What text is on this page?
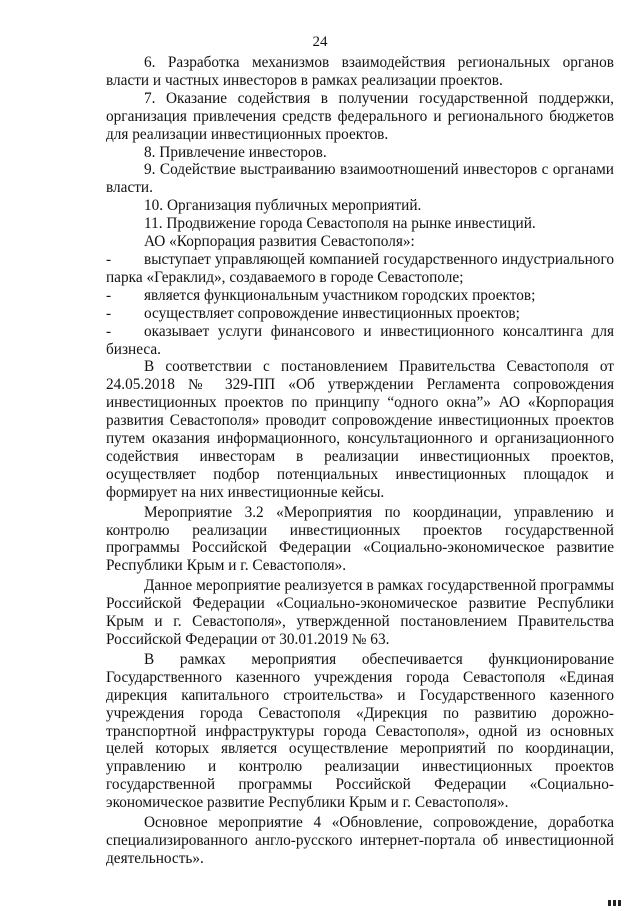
24

6. Разработка механизмов взаимодействия региональных органов власти и частных инвесторов в рамках реализации проектов.

7. Оказание содействия в получении государственной поддержки, организация привлечения средств федерального и регионального бюджетов для реализации инвестиционных проектов.

8. Привлечение инвесторов.

9. Содействие выстраиванию взаимоотношений инвесторов с органами власти.

10. Организация публичных мероприятий.

11. Продвижение города Севастополя на рынке инвестиций.

АО «Корпорация развития Севастополя»:

- выступает управляющей компанией государственного индустриального парка «Гераклид», создаваемого в городе Севастополе;

- является функциональным участником городских проектов;

- осуществляет сопровождение инвестиционных проектов;

- оказывает услуги финансового и инвестиционного консалтинга для бизнеса.

В соответствии с постановлением Правительства Севастополя от 24.05.2018 № 329-ПП «Об утверждении Регламента сопровождения инвестиционных проектов по принципу “одного окна”» АО «Корпорация развития Севастополя» проводит сопровождение инвестиционных проектов путем оказания информационного, консультационного и организационного содействия инвесторам в реализации инвестиционных проектов, осуществляет подбор потенциальных инвестиционных площадок и формирует на них инвестиционные кейсы.

Мероприятие 3.2 «Мероприятия по координации, управлению и контролю реализации инвестиционных проектов государственной программы Российской Федерации «Социально-экономическое развитие Республики Крым и г. Севастополя».

Данное мероприятие реализуется в рамках государственной программы Российской Федерации «Социально-экономическое развитие Республики Крым и г. Севастополя», утвержденной постановлением Правительства Российской Федерации от 30.01.2019 № 63.

В рамках мероприятия обеспечивается функционирование Государственного казенного учреждения города Севастополя «Единая дирекция капитального строительства» и Государственного казенного учреждения города Севастополя «Дирекция по развитию дорожно-транспортной инфраструктуры города Севастополя», одной из основных целей которых является осуществление мероприятий по координации, управлению и контролю реализации инвестиционных проектов государственной программы Российской Федерации «Социально-экономическое развитие Республики Крым и г. Севастополя».

Основное мероприятие 4 «Обновление, сопровождение, доработка специализированного англо-русского интернет-портала об инвестиционной деятельность».
